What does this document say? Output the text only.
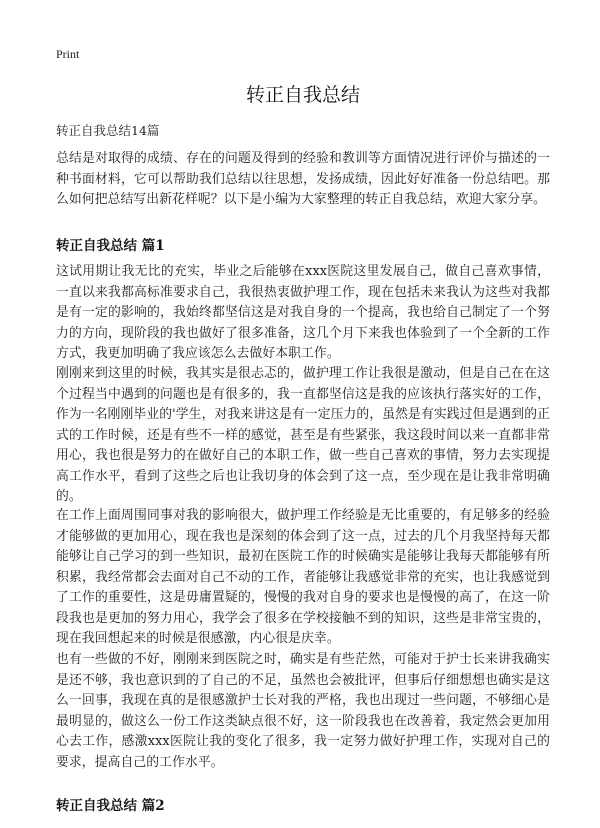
Print
转正自我总结
转正自我总结14篇

总结是对取得的成绩、存在的问题及得到的经验和教训等方面情况进行评价与描述的一种书面材料，它可以帮助我们总结以往思想，发扬成绩，因此好好准备一份总结吧。那么如何把总结写出新花样呢？以下是小编为大家整理的转正自我总结，欢迎大家分享。

转正自我总结 篇1

这试用期让我无比的充实，毕业之后能够在xxx医院这里发展自己，做自己喜欢事情，一直以来我都高标准要求自己，我很热衷做护理工作，现在包括未来我认为这些对我都是有一定的影响的，我始终都坚信这是对我自身的一个提高，我也给自己制定了一个努力的方向，现阶段的我也做好了很多准备，这几个月下来我也体验到了一个全新的工作方式，我更加明确了我应该怎么去做好本职工作。

刚刚来到这里的时候，我其实是很忐忑的，做护理工作让我很是激动，但是自己在在这个过程当中遇到的问题也是有很多的，我一直都坚信这是我的应该执行落实好的工作，作为一名刚刚毕业的'学生，对我来讲这是有一定压力的，虽然是有实践过但是遇到的正式的工作时候，还是有些不一样的感觉，甚至是有些紧张，我这段时间以来一直都非常用心，我也很是努力的在做好自己的本职工作，做一些自己喜欢的事情，努力去实现提高工作水平，看到了这些之后也让我切身的体会到了这一点，至少现在是让我非常明确的。

在工作上面周围同事对我的影响很大，做护理工作经验是无比重要的，有足够多的经验才能够做的更加用心，现在我也是深刻的体会到了这一点，过去的几个月我坚持每天都能够让自己学习的到一些知识，最初在医院工作的时候确实是能够让我每天都能够有所积累，我经常都会去面对自己不动的工作，者能够让我感觉非常的充实，也让我感觉到了工作的重要性，这是毋庸置疑的，慢慢的我对自身的要求也是慢慢的高了，在这一阶段我也是更加的努力用心，我学会了很多在学校接触不到的知识，这些是非常宝贵的，现在我回想起来的时候是很感激，内心很是庆幸。

也有一些做的不好，刚刚来到医院之时，确实是有些茫然，可能对于护士长来讲我确实是还不够，我也意识到的了自己的不足，虽然也会被批评，但事后仔细想想也确实是这么一回事，我现在真的是很感激护士长对我的严格，我也出现过一些问题，不够细心是最明显的，做这么一份工作这类缺点很不好，这一阶段我也在改善着，我定然会更加用心去工作，感激xxx医院让我的变化了很多，我一定努力做好护理工作，实现对自己的要求，提高自己的工作水平。

转正自我总结 篇2
